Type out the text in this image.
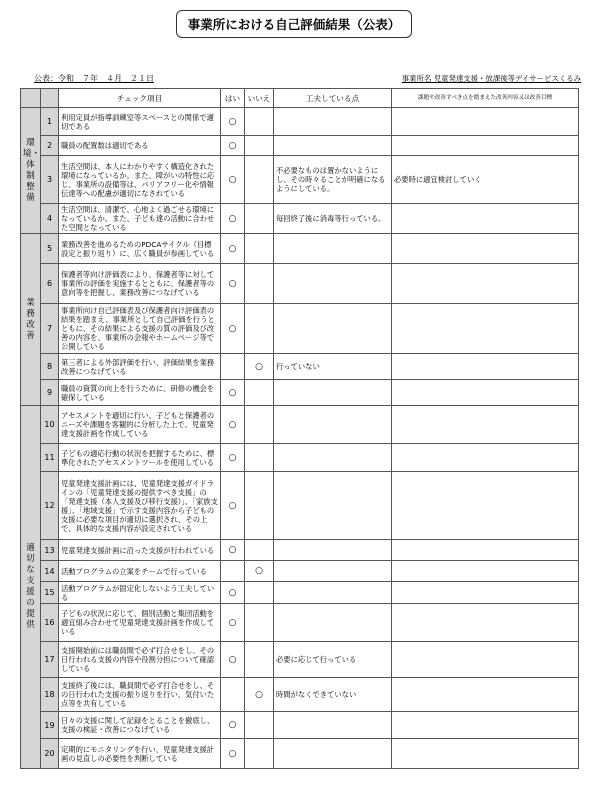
事業所における自己評価結果（公表）
公表：令和　７年　４月　２１日	事業所名 児童発達支援・放課後等デイサービスくるみ
		チェック項目	はい	いいえ	工夫している点	課題や改善すべき点を踏まえた改善内容又は改善目標
環境・体制整備	1	利用定員が指導訓練室等スペースとの関係で適切である	○			
	2	職員の配置数は適切である	○			
	3	生活空間は、本人にわかりやすく構造化された環境になっているか。また、障がいの特性に応じ、事業所の設備等は、バリアフリー化や情報伝達等への配慮が適切になされている	○		不必要なものは置かないようにし、その時々ることが明確になるようにしている。	必要時に適宜検討していく
	4	生活空間は、清潔で、心地よく過ごせる環境になっているか。また、子ども達の活動に合わせた空間となっている	○		毎回終了後に消毒等行っている。	
業務改善	5	業務改善を進めるためのPDCAサイクル（目標設定と振り返り）に、広く職員が参画している	○			
	6	保護者等向け評価表により、保護者等に対して事業所の評価を実施するとともに、保護者等の意向等を把握し、業務改善につなげている	○			
	7	事業所向け自己評価表及び保護者向け評価表の結果を踏まえ、事業所として自己評価を行うとともに、その結果による支援の質の評価及び改善の内容を、事業所の会報やホームページ等で公開している	○			
	8	第三者による外部評価を行い、評価結果を業務改善につなげている		○	行っていない	
	9	職員の資質の向上を行うために、研修の機会を確保している	○			
適切な支援の提供	10	アセスメントを適切に行い、子どもと保護者のニーズや課題を客観的に分析した上で、児童発達支援計画を作成している	○			
	11	子どもの適応行動の状況を把握するために、標準化されたアセスメントツールを使用している	○			
	12	児童発達支援計画には、児童発達支援ガイドラインの「児童発達支援の提供すべき支援」の「発達支援（本人支援及び移行支援）」、「家族支援」、「地域支援」で示す支援内容から子どもの支援に必要な項目が適切に選択され、その上で、具体的な支援内容が設定されている	○			
	13	児童発達支援計画に沿った支援が行われている	○			
	14	活動プログラムの立案をチームで行っている		○		
	15	活動プログラムが固定化しないよう工夫している	○			
	16	子どもの状況に応じて、個別活動と集団活動を適宜組み合わせて児童発達支援計画を作成している	○			
	17	支援開始前には職員間で必ず打合せをし、その日行われる支援の内容や役割分担について確認している	○		必要に応じて行っている	
	18	支援終了後には、職員間で必ず打合せをし、その日行われた支援の振り返りを行い、気付いた点等を共有している		○	時間がなくできていない	
	19	日々の支援に関して記録をとることを徹底し、支援の検証・改善につなげている	○			
	20	定期的にモニタリングを行い、児童発達支援計画の見直しの必要性を判断している	○			
